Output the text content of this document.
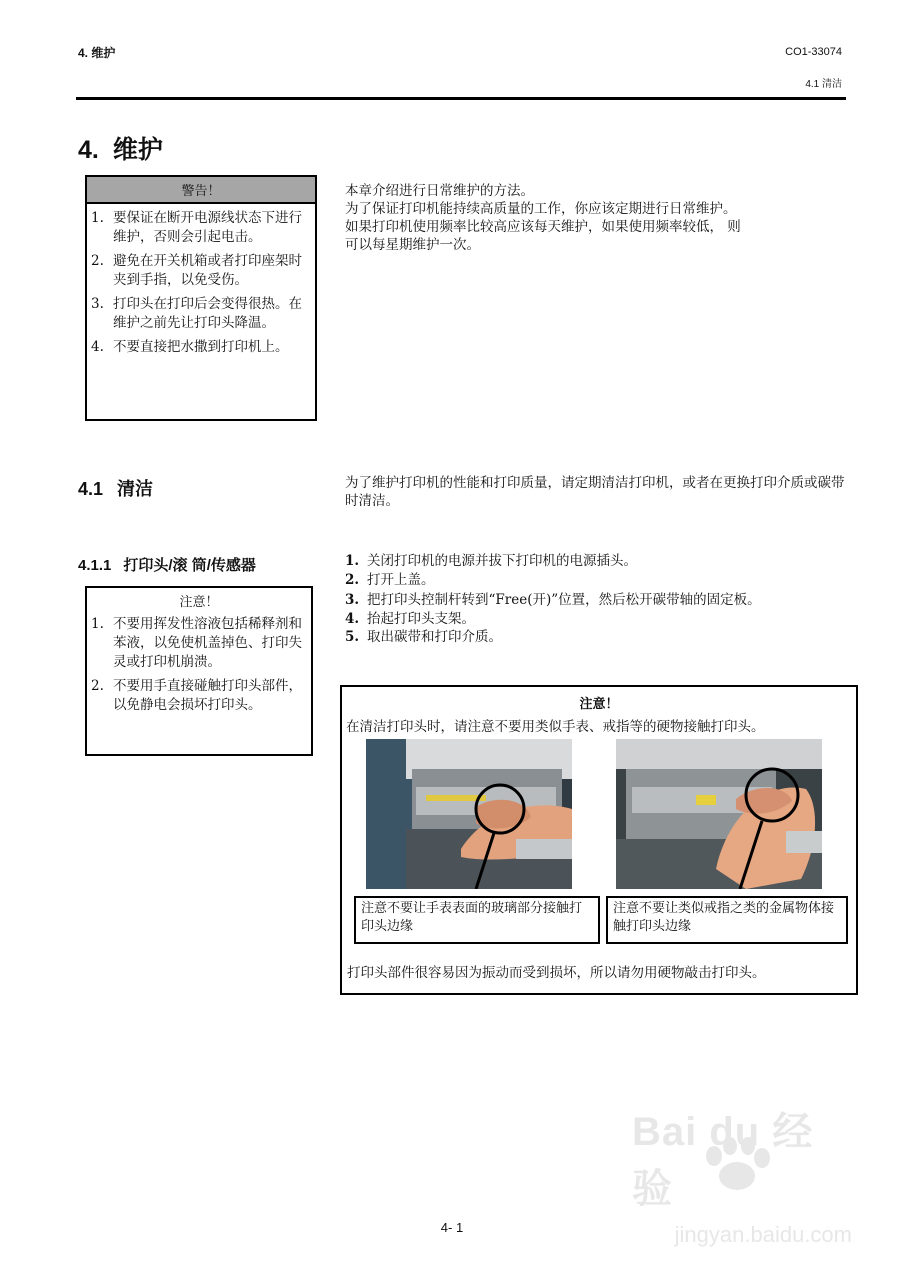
4. 维护	CO1-33074
4.1 清洁
4. 维护
警告！
1. 要保证在断开电源线状态下进行维护，否则会引起电击。
2. 避免在开关机箱或者打印座架时夹到手指，以免受伤。
3. 打印头在打印后会变得很热。在维护之前先让打印头降温。
4. 不要直接把水撒到打印机上。
本章介绍进行日常维护的方法。
为了保证打印机能持续高质量的工作，你应该定期进行日常维护。
如果打印机使用频率比较高应该每天维护，如果使用频率较低， 则
可以每星期维护一次。
4.1 清洁	为了维护打印机的性能和打印质量，请定期清洁打印机，或者在更换打印介质或碳带时清洁。
4.1.1 打印头/滚 筒/传感器
注意！
1. 不要用挥发性溶液包括稀释剂和苯液，以免使机盖掉色、打印失灵或打印机崩溃。
2. 不要用手直接碰触打印头部件，以免静电会损坏打印头。
1. 关闭打印机的电源并拔下打印机的电源插头。
2. 打开上盖。
3. 把打印头控制杆转到“Free(开)”位置，然后松开碳带轴的固定板。
4. 抬起打印头支架。
5. 取出碳带和打印介质。
注意！
在清洁打印头时，请注意不要用类似手表、戒指等的硬物接触打印头。
注意不要让手表表面的玻璃部分接触打印头边缘
注意不要让类似戒指之类的金属物体接触打印头边缘
打印头部件很容易因为振动而受到损坏，所以请勿用硬物敲击打印头。
4- 1
Bai du 经验
jingyan.baidu.com
